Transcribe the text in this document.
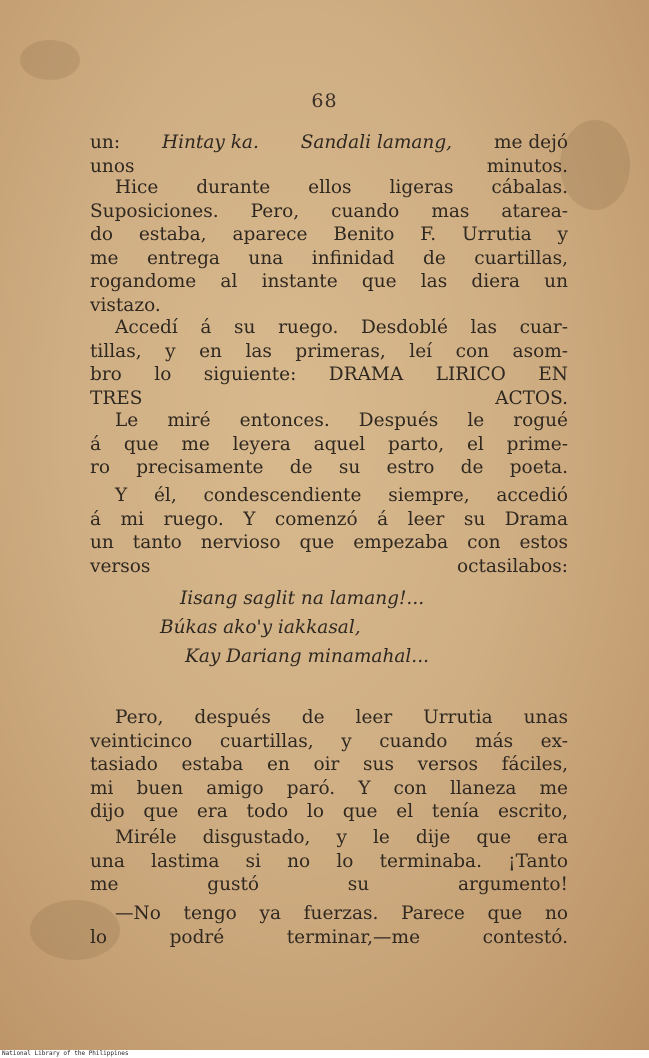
68
un: Hintay ka. Sandali lamang, me dejó
unos minutos.
Hice durante ellos ligeras cábalas.
Suposiciones. Pero, cuando mas atarea-
do estaba, aparece Benito F. Urrutia y
me entrega una infinidad de cuartillas,
rogandome al instante que las diera un
vistazo.
Accedí á su ruego. Desdoblé las cuar-
tillas, y en las primeras, leí con asom-
bro lo siguiente: DRAMA LIRICO EN
TRES ACTOS.
Le miré entonces. Después le rogué
á que me leyera aquel parto, el prime-
ro precisamente de su estro de poeta.
Y él, condescendiente siempre, accedió
á mi ruego. Y comenzó á leer su Drama
un tanto nervioso que empezaba con estos
versos octasilabos:
Iisang saglit na lamang!...
Búkas ako'y iakkasal,
Kay Dariang minamahal...
Pero, después de leer Urrutia unas
veinticinco cuartillas, y cuando más ex-
tasiado estaba en oir sus versos fáciles,
mi buen amigo paró. Y con llaneza me
dijo que era todo lo que el tenía escrito,
Miréle disgustado, y le dije que era
una lastima si no lo terminaba. ¡Tanto
me gustó su argumento!
—No tengo ya fuerzas. Parece que no
lo podré terminar,—me contestó.
National Library of the Philippines
